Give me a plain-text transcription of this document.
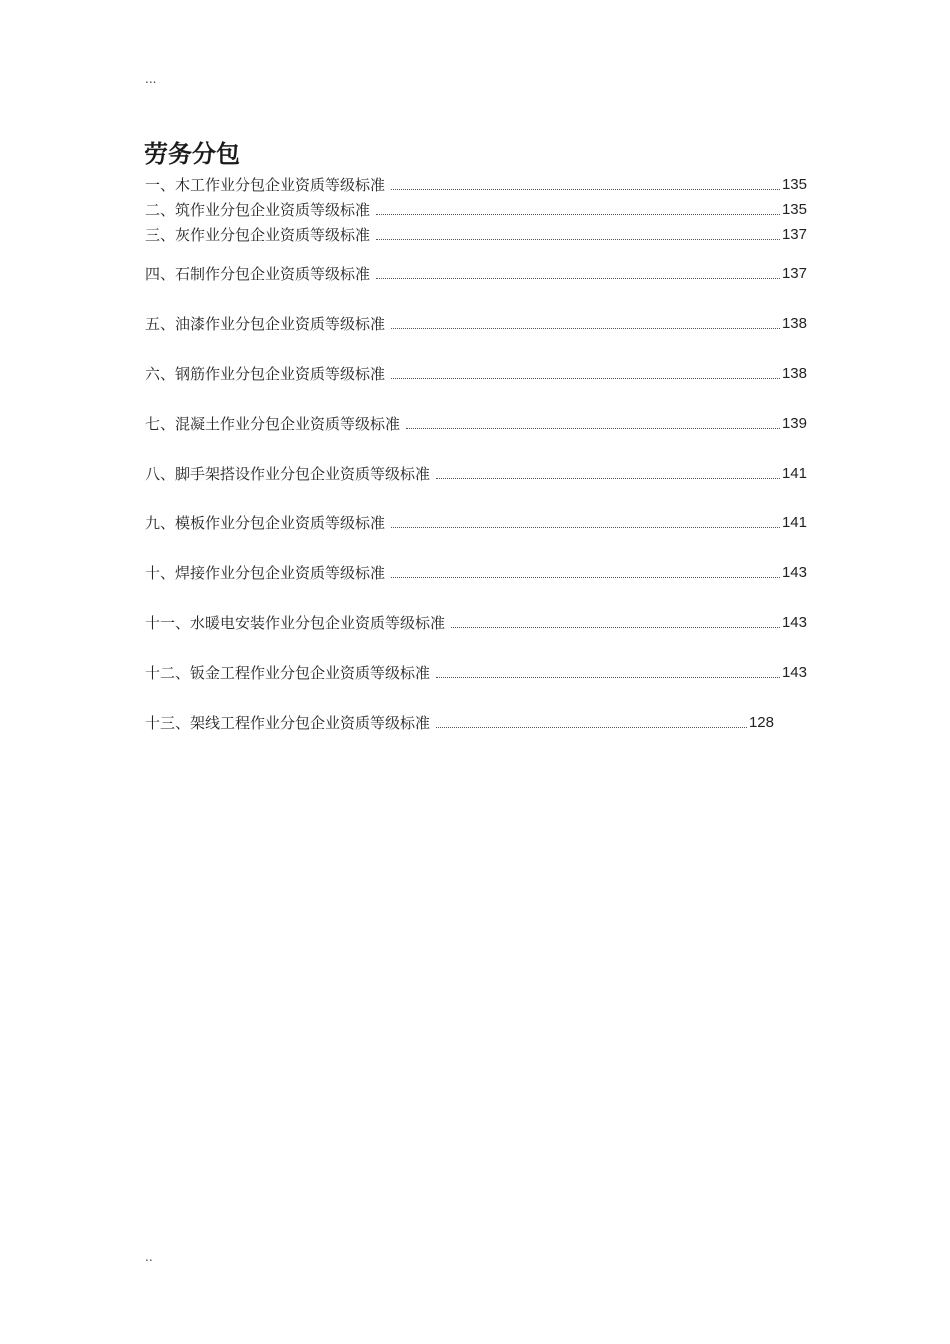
...
劳务分包
一、木工作业分包企业资质等级标准	135
二、筑作业分包企业资质等级标准	135
三、灰作业分包企业资质等级标准	137
四、石制作分包企业资质等级标准	137
五、油漆作业分包企业资质等级标准	138
六、钢筋作业分包企业资质等级标准	138
七、混凝土作业分包企业资质等级标准	139
八、脚手架搭设作业分包企业资质等级标准	141
九、模板作业分包企业资质等级标准	141
十、焊接作业分包企业资质等级标准	143
十一、水暖电安装作业分包企业资质等级标准	143
十二、钣金工程作业分包企业资质等级标准	143
十三、架线工程作业分包企业资质等级标准	128
..
